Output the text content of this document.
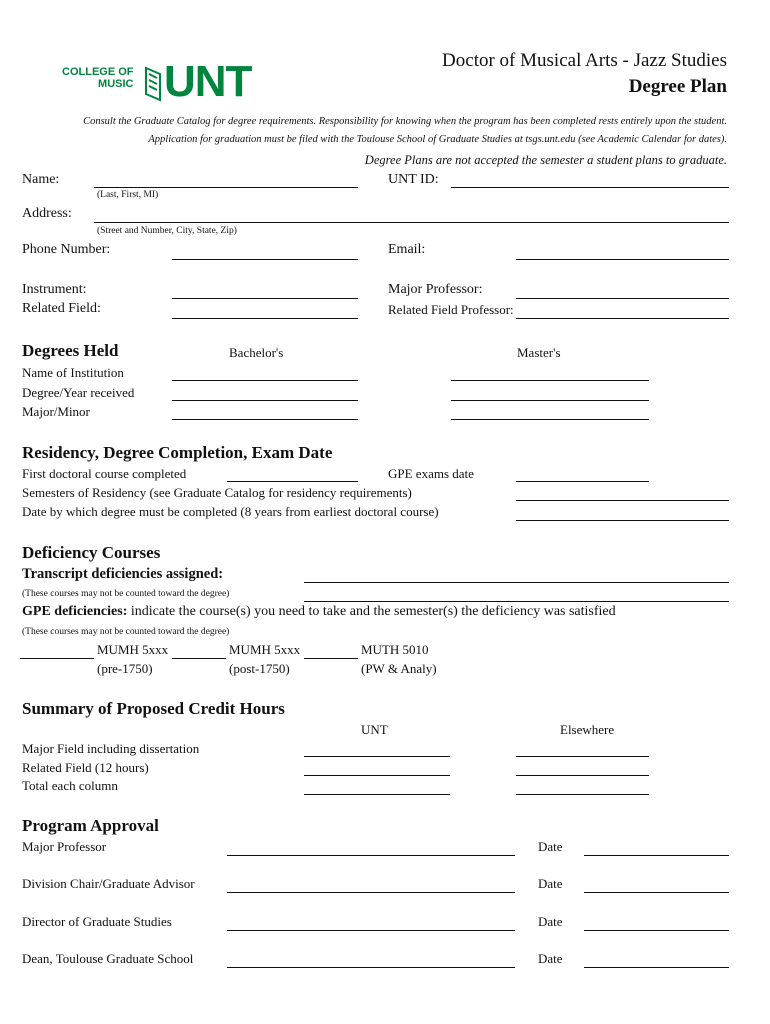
COLLEGE OF
MUSIC UNT	Doctor of Musical Arts - Jazz Studies
Degree Plan
Consult the Graduate Catalog for degree requirements. Responsibility for knowing when the program has been completed rests entirely upon the student.
Application for graduation must be filed with the Toulouse School of Graduate Studies at tsgs.unt.edu (see Academic Calendar for dates).
Degree Plans are not accepted the semester a student plans to graduate.
Name:
(Last, First, MI)
UNT ID:
Address:
(Street and Number, City, State, Zip)
Phone Number:	Email:
Instrument:	Major Professor:
Related Field:	Related Field Professor:
Degrees Held	Bachelor's	Master's
Name of Institution
Degree/Year received
Major/Minor
Residency, Degree Completion, Exam Date
First doctoral course completed	GPE exams date
Semesters of Residency (see Graduate Catalog for residency requirements)
Date by which degree must be completed (8 years from earliest doctoral course)
Deficiency Courses
Transcript deficiencies assigned:
(These courses may not be counted toward the degree)
GPE deficiencies: indicate the course(s) you need to take and the semester(s) the deficiency was satisfied
(These courses may not be counted toward the degree)
MUMH 5xxx
(pre-1750)
MUMH 5xxx
(post-1750)
MUTH 5010
(PW & Analy)
Summary of Proposed Credit Hours
UNT	Elsewhere
Major Field including dissertation
Related Field (12 hours)
Total each column
Program Approval
Major Professor	Date
Division Chair/Graduate Advisor	Date
Director of Graduate Studies	Date
Dean, Toulouse Graduate School	Date
